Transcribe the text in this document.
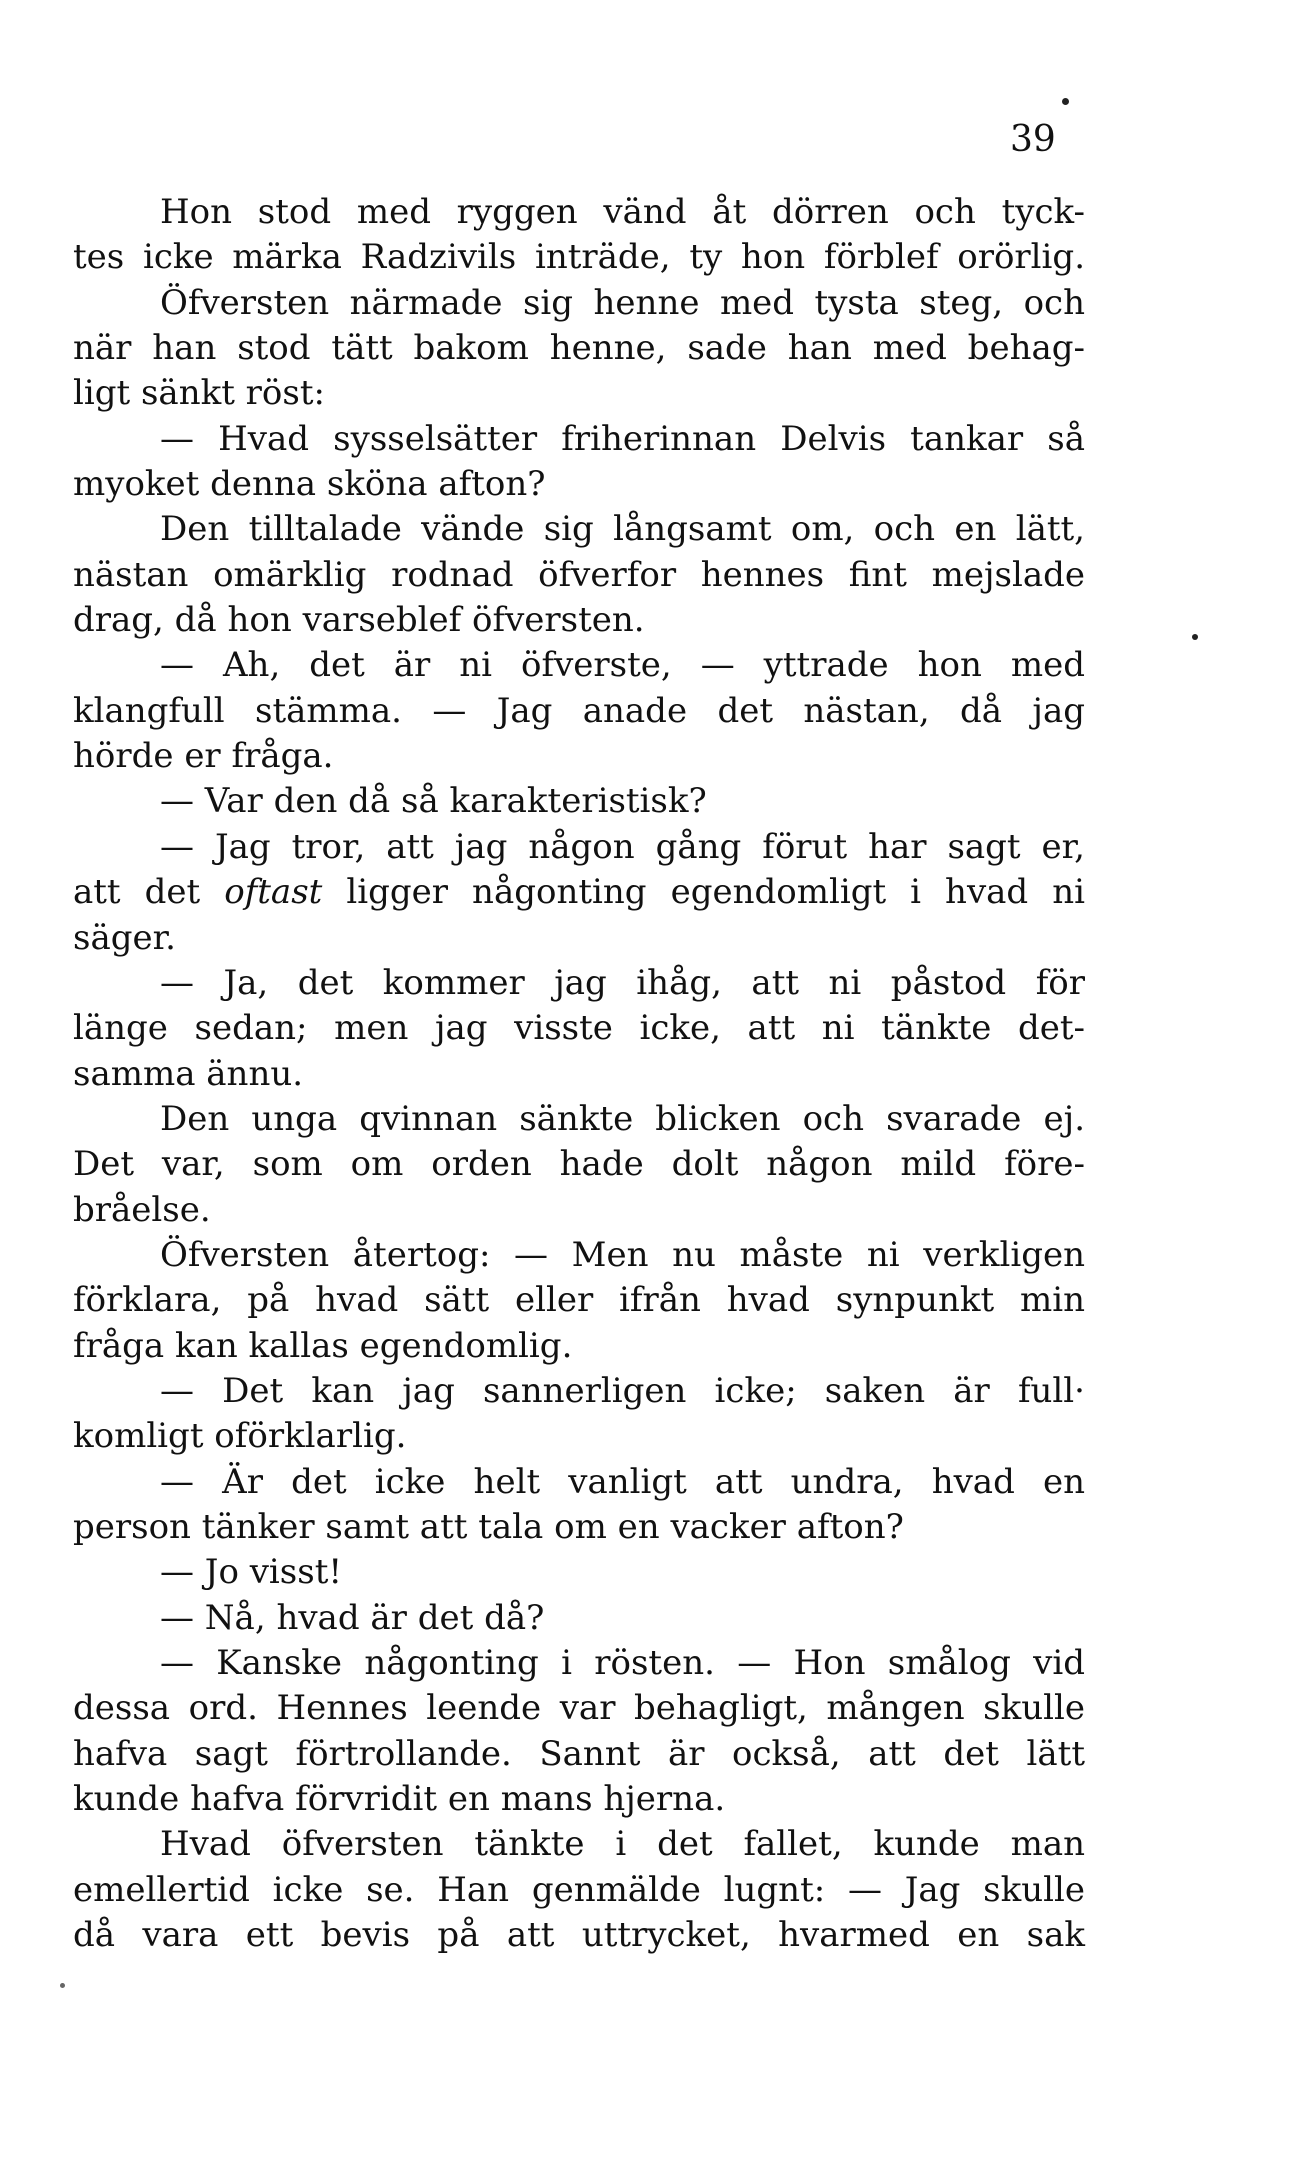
39
Hon stod med ryggen vänd åt dörren och tyck-
tes icke märka Radzivils inträde, ty hon förblef orörlig.
Öfversten närmade sig henne med tysta steg, och
när han stod tätt bakom henne, sade han med behag-
ligt sänkt röst:
— Hvad sysselsätter friherinnan Delvis tankar så
myoket denna sköna afton?
Den tilltalade vände sig långsamt om, och en lätt,
nästan omärklig rodnad öfverfor hennes fint mejslade
drag, då hon varseblef öfversten.
— Ah, det är ni öfverste, — yttrade hon med
klangfull stämma. — Jag anade det nästan, då jag
hörde er fråga.
— Var den då så karakteristisk?
— Jag tror, att jag någon gång förut har sagt er,
att det oftast ligger någonting egendomligt i hvad ni
säger.
— Ja, det kommer jag ihåg, att ni påstod för
länge sedan; men jag visste icke, att ni tänkte det-
samma ännu.
Den unga qvinnan sänkte blicken och svarade ej.
Det var, som om orden hade dolt någon mild före-
bråelse.
Öfversten återtog: — Men nu måste ni verkligen
förklara, på hvad sätt eller ifrån hvad synpunkt min
fråga kan kallas egendomlig.
— Det kan jag sannerligen icke; saken är full·
komligt oförklarlig.
— Är det icke helt vanligt att undra, hvad en
person tänker samt att tala om en vacker afton?
— Jo visst!
— Nå, hvad är det då?
— Kanske någonting i rösten. — Hon smålog vid
dessa ord. Hennes leende var behagligt, mången skulle
hafva sagt förtrollande. Sannt är också, att det lätt
kunde hafva förvridit en mans hjerna.
Hvad öfversten tänkte i det fallet, kunde man
emellertid icke se. Han genmälde lugnt: — Jag skulle
då vara ett bevis på att uttrycket, hvarmed en sak
